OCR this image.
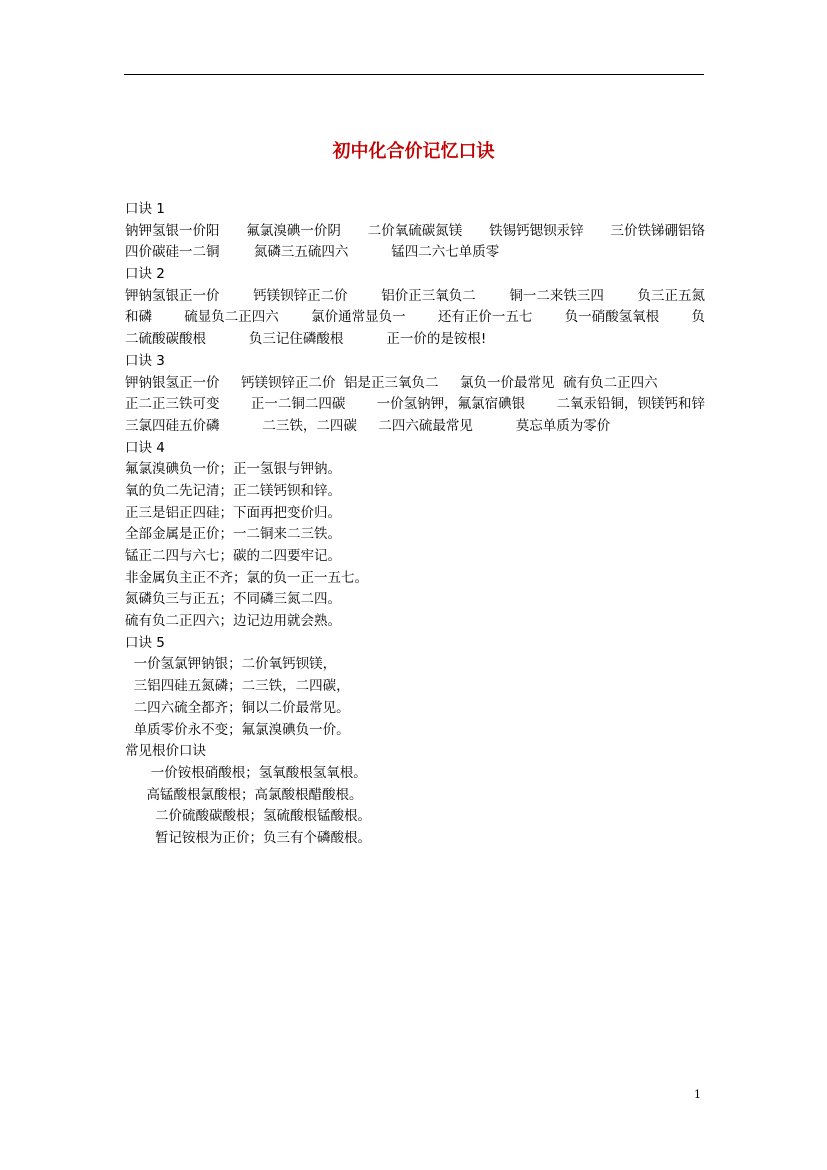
初中化合价记忆口诀
口诀 1
钠钾氢银一价阳 氟氯溴碘一价阴 二价氧硫碳氮镁 铁锡钙锶钡汞锌 三价铁锑硼铝铬
四价碳硅一二铜        氮磷三五硫四六          锰四二六七单质零
口诀 2
钾钠氢银正一价 钙镁钡锌正二价 铝价正三氧负二 铜一二来铁三四 负三正五氮
和磷 硫显负二正四六 氯价通常显负一 还有正价一五七 负一硝酸氢氧根 负
二硫酸碳酸根          负三记住磷酸根          正一价的是铵根!
口诀 3
钾钠银氢正一价     钙镁钡锌正二价  铝是正三氧负二     氯负一价最常见  硫有负二正四六
正二正三铁可变 正一二铜二四碳 一价氢钠钾，氟氯宿碘银 二氧汞铅铜，钡镁钙和锌
三氯四硅五价磷          二三铁，二四碳     二四六硫最常见          莫忘单质为零价
口诀 4
氟氯溴碘负一价；正一氢银与钾钠。
氧的负二先记清；正二镁钙钡和锌。
正三是铝正四硅；下面再把变价归。
全部金属是正价；一二铜来二三铁。
锰正二四与六七；碳的二四要牢记。
非金属负主正不齐；氯的负一正一五七。
氮磷负三与正五；不同磷三氮二四。
硫有负二正四六；边记边用就会熟。
口诀 5
一价氢氯钾钠银；二价氧钙钡镁，
三铝四硅五氮磷；二三铁，二四碳，
二四六硫全都齐；铜以二价最常见。
单质零价永不变；氟氯溴碘负一价。
常见根价口诀
一价铵根硝酸根；氢氧酸根氢氧根。
高锰酸根氯酸根；高氯酸根醋酸根。
二价硫酸碳酸根；氢硫酸根锰酸根。
暂记铵根为正价；负三有个磷酸根。
1
